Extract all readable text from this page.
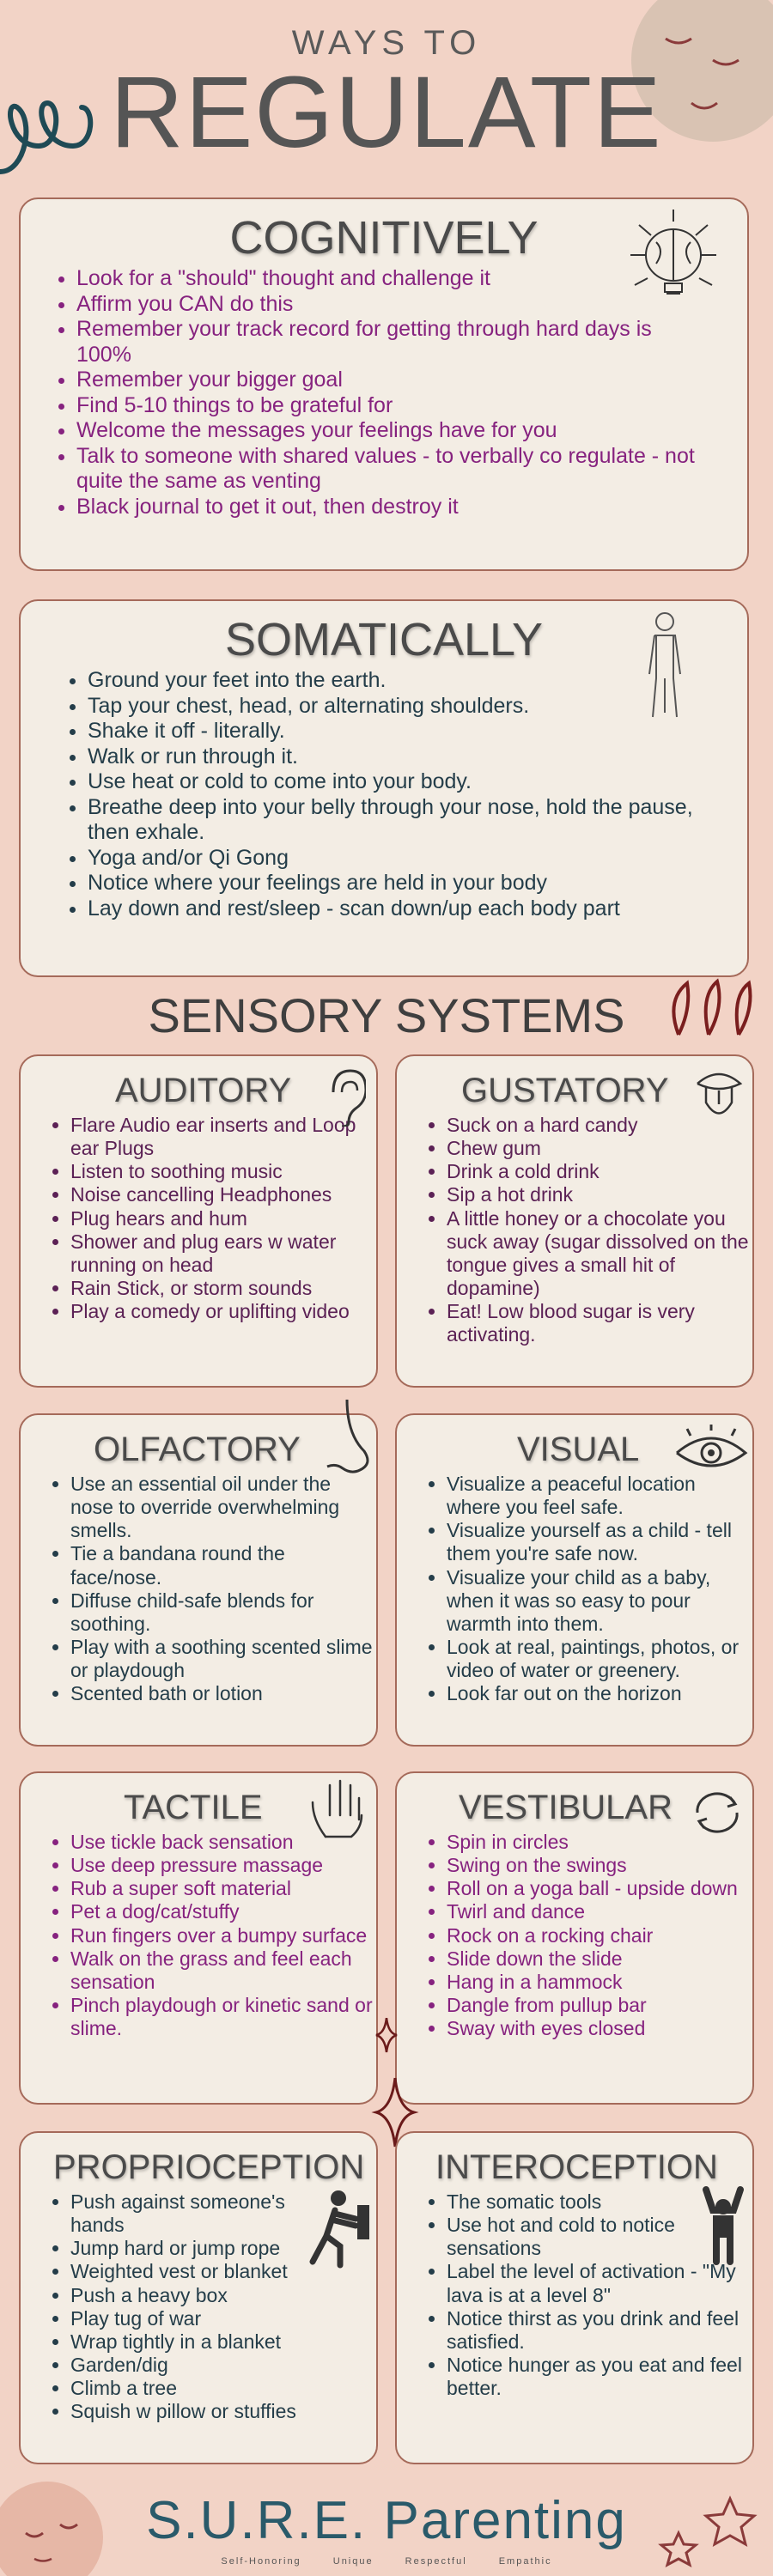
WAYS TO
REGULATE
COGNITIVELY
• Look for a "should" thought and challenge it
• Affirm you CAN do this
• Remember your track record for getting through hard days is 100%
• Remember your bigger goal
• Find 5-10 things to be grateful for
• Welcome the messages your feelings have for you
• Talk to someone with shared values - to verbally co regulate - not quite the same as venting
• Black journal to get it out, then destroy it
SOMATICALLY
• Ground your feet into the earth.
• Tap your chest, head, or alternating shoulders.
• Shake it off - literally.
• Walk or run through it.
• Use heat or cold to come into your body.
• Breathe deep into your belly through your nose, hold the pause, then exhale.
• Yoga and/or Qi Gong
• Notice where your feelings are held in your body
• Lay down and rest/sleep - scan down/up each body part
SENSORY SYSTEMS
AUDITORY
• Flare Audio ear inserts and Loop ear Plugs
• Listen to soothing music
• Noise cancelling Headphones
• Plug hears and hum
• Shower and plug ears w water running on head
• Rain Stick, or storm sounds
• Play a comedy or uplifting video
GUSTATORY
• Suck on a hard candy
• Chew gum
• Drink a cold drink
• Sip a hot drink
• A little honey or a chocolate you suck away (sugar dissolved on the tongue gives a small hit of dopamine)
• Eat! Low blood sugar is very activating.
OLFACTORY
• Use an essential oil under the nose to override overwhelming smells.
• Tie a bandana round the face/nose.
• Diffuse child-safe blends for soothing.
• Play with a soothing scented slime or playdough
• Scented bath or lotion
VISUAL
• Visualize a peaceful location where you feel safe.
• Visualize yourself as a child - tell them you're safe now.
• Visualize your child as a baby, when it was so easy to pour warmth into them.
• Look at real, paintings, photos, or video of water or greenery.
• Look far out on the horizon
TACTILE
• Use tickle back sensation
• Use deep pressure massage
• Rub a super soft material
• Pet a dog/cat/stuffy
• Run fingers over a bumpy surface
• Walk on the grass and feel each sensation
• Pinch playdough or kinetic sand or slime.
VESTIBULAR
• Spin in circles
• Swing on the swings
• Roll on a yoga ball - upside down
• Twirl and dance
• Rock on a rocking chair
• Slide down the slide
• Hang in a hammock
• Dangle from pullup bar
• Sway with eyes closed
PROPRIOCEPTION
• Push against someone's hands
• Jump hard or jump rope
• Weighted vest or blanket
• Push a heavy box
• Play tug of war
• Wrap tightly in a blanket
• Garden/dig
• Climb a tree
• Squish w pillow or stuffies
INTEROCEPTION
• The somatic tools
• Use hot and cold to notice sensations
• Label the level of activation - "My lava is at a level 8"
• Notice thirst as you drink and feel satisfied.
• Notice hunger as you eat and feel better.
S.U.R.E. Parenting
Self-Honoring	Unique	Respectful	Empathic
